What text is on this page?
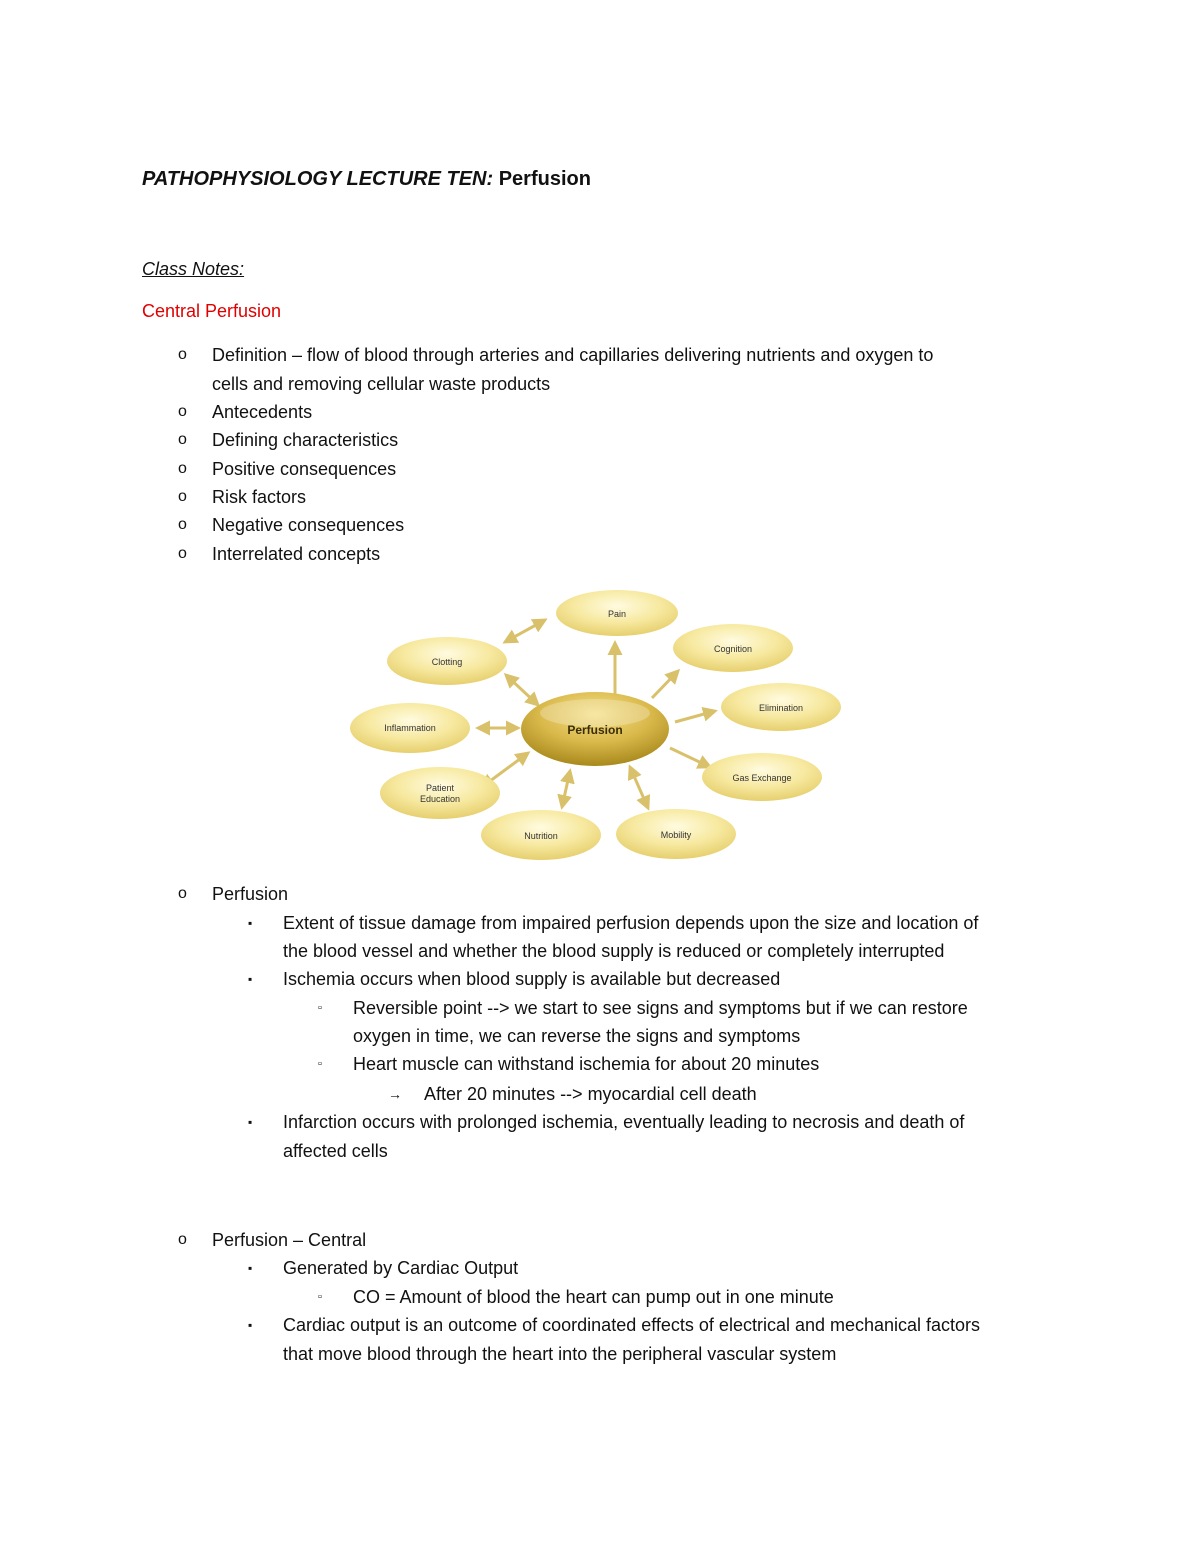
PATHOPHYSIOLOGY LECTURE TEN: Perfusion
Class Notes:
Central Perfusion
o Definition – flow of blood through arteries and capillaries delivering nutrients and oxygen to
cells and removing cellular waste products
o Antecedents
o Defining characteristics
o Positive consequences
o Risk factors
o Negative consequences
o Interrelated concepts
Pain
Cognition
Elimination
Gas Exchange
Mobility
Nutrition
Patient
Education
Inflammation
Clotting
Perfusion
o Perfusion
▪ Extent of tissue damage from impaired perfusion depends upon the size and location of
the blood vessel and whether the blood supply is reduced or completely interrupted
▪ Ischemia occurs when blood supply is available but decreased
▫ Reversible point --> we start to see signs and symptoms but if we can restore
oxygen in time, we can reverse the signs and symptoms
▫ Heart muscle can withstand ischemia for about 20 minutes
→ After 20 minutes --> myocardial cell death
▪ Infarction occurs with prolonged ischemia, eventually leading to necrosis and death of
affected cells
o Perfusion – Central
▪ Generated by Cardiac Output
▫ CO = Amount of blood the heart can pump out in one minute
▪ Cardiac output is an outcome of coordinated effects of electrical and mechanical factors
that move blood through the heart into the peripheral vascular system
